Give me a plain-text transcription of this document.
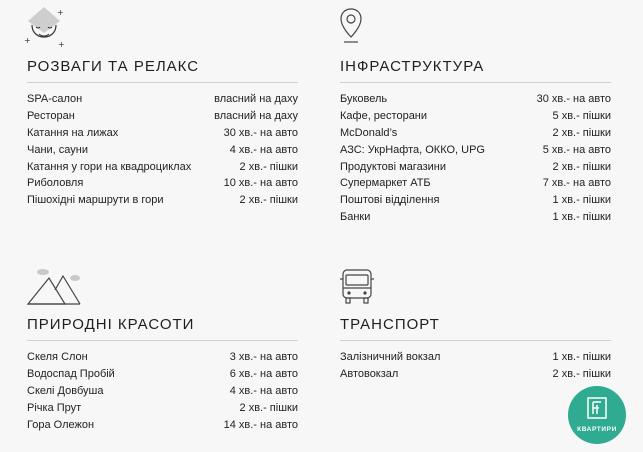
+
+
+
РОЗВАГИ ТА РЕЛАКС
SPA-салон	власний на даху
Ресторан	власний на даху
Катання на лижах	30 хв.- на авто
Чани, сауни	4 хв.- на авто
Катання у гори на квадроциклах	2 хв.- пішки
Риболовля	10 хв.- на авто
Пішохідні маршрути в гори	2 хв.- пішки
ІНФРАСТРУКТУРА
Буковель	30 хв.- на авто
Кафе, ресторани	5 хв.- пішки
McDonald’s	2 хв.- пішки
АЗС: УкрНафта, ОККО, UPG	5 хв.- на авто
Продуктові магазини	2 хв.- пішки
Супермаркет АТБ	7 хв.- на авто
Поштові відділення	1 хв.- пішки
Банки	1 хв.- пішки
ПРИРОДНІ КРАСОТИ
Скеля Слон	3 хв.- на авто
Водоспад Пробій	6 хв.- на авто
Скелі Довбуша	4 хв.- на авто
Річка Прут	2 хв.- пішки
Гора Олежон	14 хв.- на авто
ТРАНСПОРТ
Залізничний вокзал	1 хв.- пішки
Автовокзал	2 хв.- пішки
КВАРТИРИ
